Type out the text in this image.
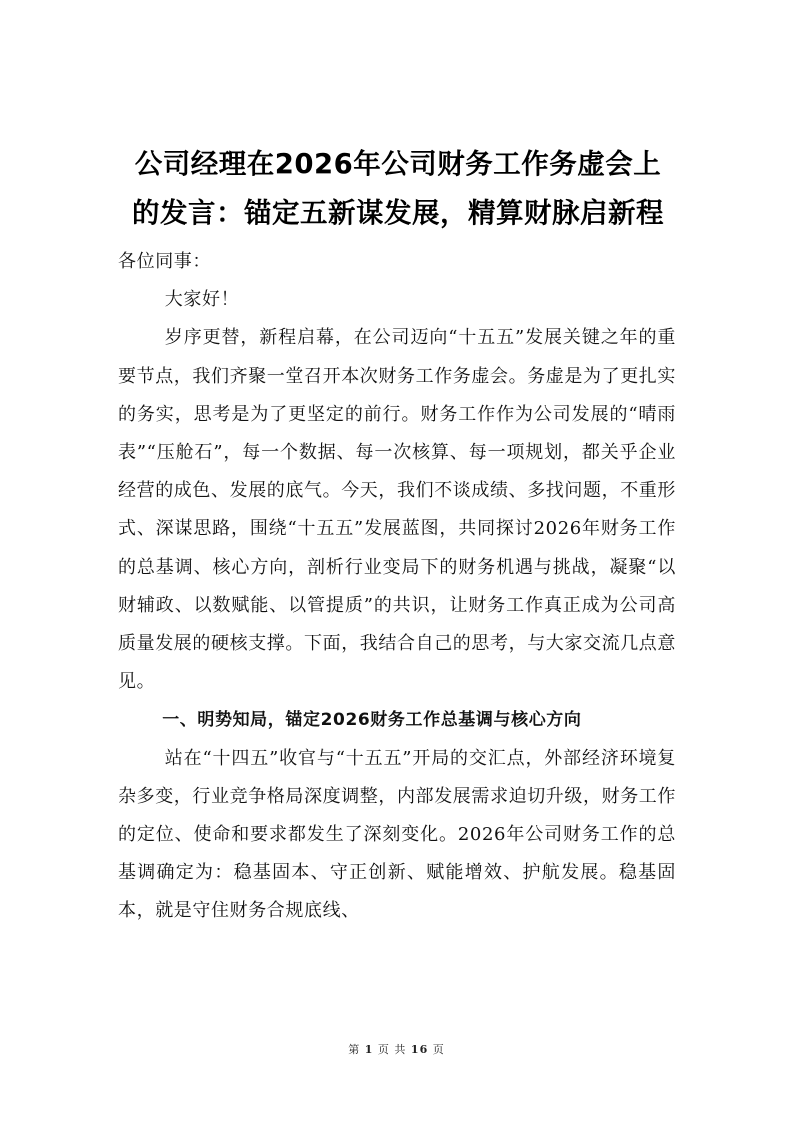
公司经理在2026年公司财务工作务虚会上
的发言：锚定五新谋发展，精算财脉启新程

各位同事：

大家好！

岁序更替，新程启幕，在公司迈向“十五五”发展关键之年的重要节点，我们齐聚一堂召开本次财务工作务虚会。务虚是为了更扎实的务实，思考是为了更坚定的前行。财务工作作为公司发展的“晴雨表”“压舱石”，每一个数据、每一次核算、每一项规划，都关乎企业经营的成色、发展的底气。今天，我们不谈成绩、多找问题，不重形式、深谋思路，围绕“十五五”发展蓝图，共同探讨2026年财务工作的总基调、核心方向，剖析行业变局下的财务机遇与挑战，凝聚“以财辅政、以数赋能、以管提质”的共识，让财务工作真正成为公司高质量发展的硬核支撑。下面，我结合自己的思考，与大家交流几点意见。

一、明势知局，锚定2026财务工作总基调与核心方向

站在“十四五”收官与“十五五”开局的交汇点，外部经济环境复杂多变，行业竞争格局深度调整，内部发展需求迫切升级，财务工作的定位、使命和要求都发生了深刻变化。2026年公司财务工作的总基调确定为：稳基固本、守正创新、赋能增效、护航发展。稳基固本，就是守住财务合规底线、

第 1 页 共 16 页
